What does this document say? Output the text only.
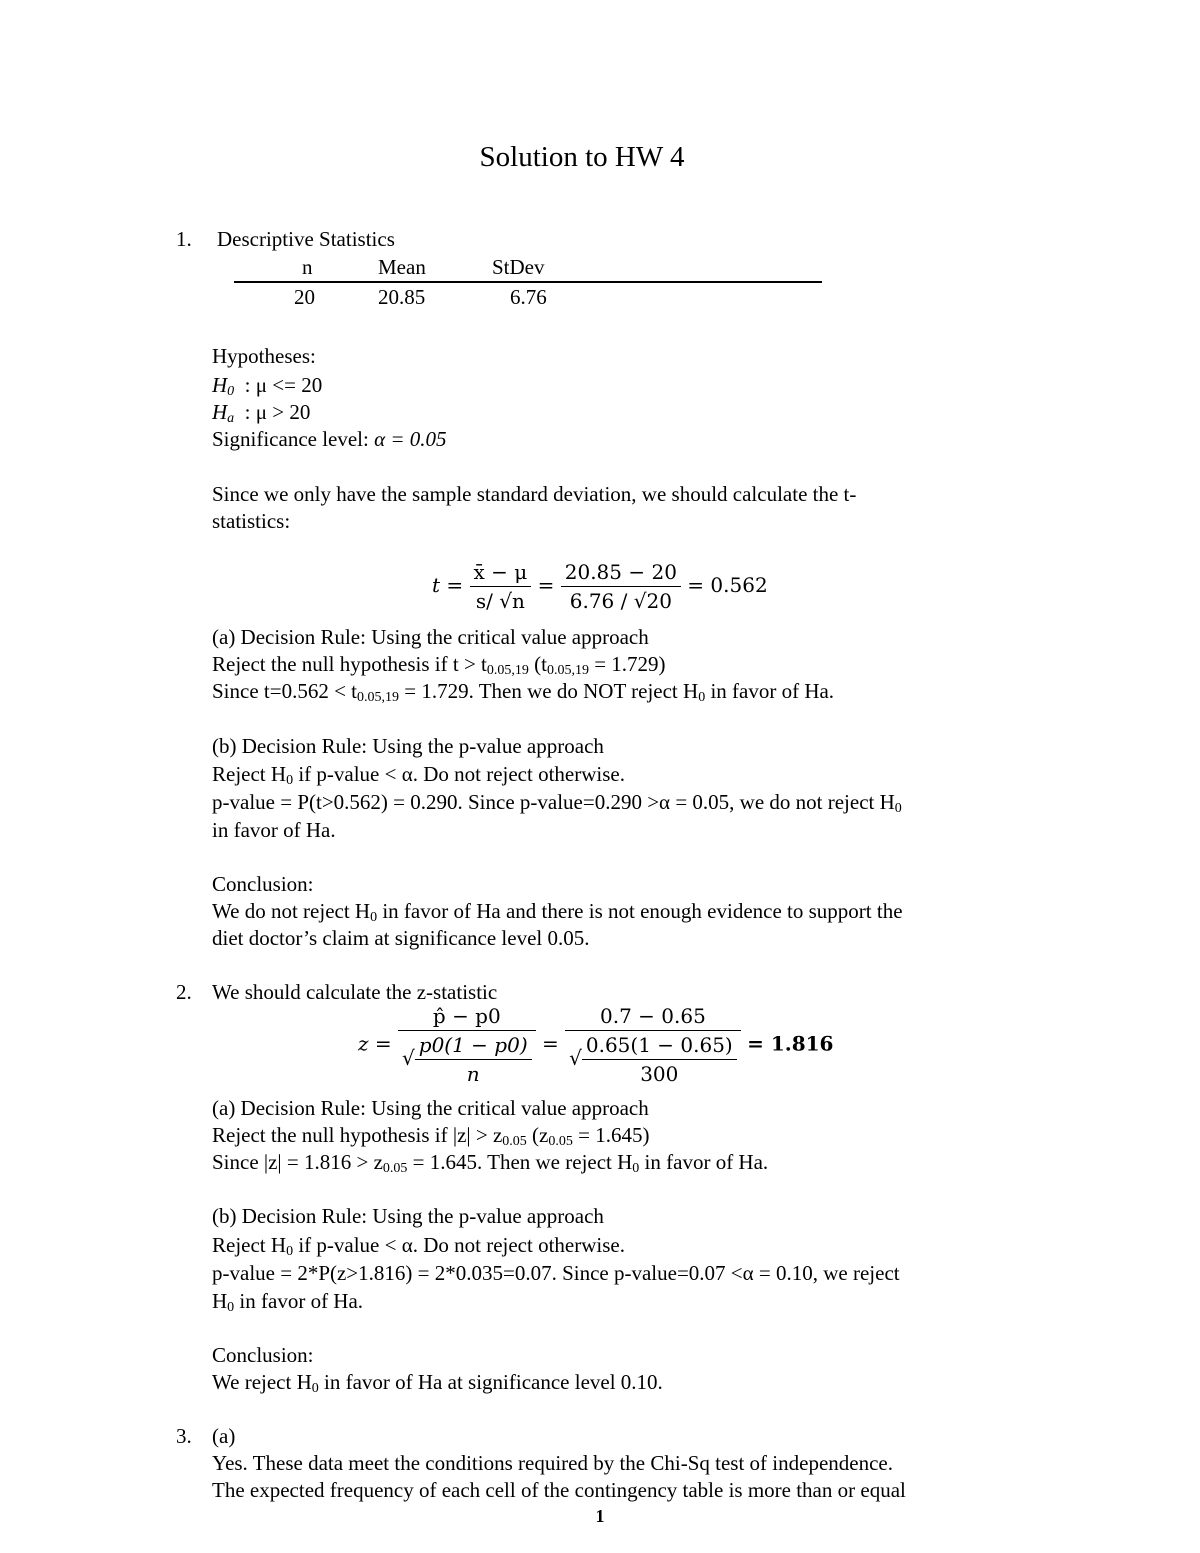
Solution to HW 4
1. Descriptive Statistics
n	Mean	StDev
20	20.85	6.76
Hypotheses:
$H_0$ : μ <= 20
$H_a$ : μ > 20
Significance level: α = 0.05
Since we only have the sample standard deviation, we should calculate the t-
statistics:
$t = \frac{x̄ - \mu}{s/ √n} = \frac{20.85 - 20}{6.76 / √20} = 0.562$
(a) Decision Rule: Using the critical value approach
Reject the null hypothesis if $t > t_{0.05,19}$ $(t_{0.05,19} = 1.729)$
Since $t=0.562 < t_{0.05,19} = 1.729$. Then we do NOT reject $H_0$ in favor of Ha.
(b) Decision Rule: Using the p-value approach
Reject $H_0$ if p-value < α. Do not reject otherwise.
p-value = P(t>0.562) = 0.290. Since p-value=0.290 >α = 0.05, we do not reject $H_0$
in favor of Ha.
Conclusion:
We do not reject $H_0$ in favor of Ha and there is not enough evidence to support the
diet doctor’s claim at significance level 0.05.
2. We should calculate the z-statistic
$z = \frac{p̂ - p0}{√ \frac{p0(1 - p0)}{n}} = \frac{0.7 - 0.65}{√ \frac{0.65(1 - 0.65)}{300}} = 1.816$
(a) Decision Rule: Using the critical value approach
Reject the null hypothesis if $|z| > z_{0.05}$ $(z_{0.05} = 1.645)$
Since $|z| = 1.816 > z_{0.05} = 1.645$. Then we reject $H_0$ in favor of Ha.
(b) Decision Rule: Using the p-value approach
Reject $H_0$ if p-value < α. Do not reject otherwise.
p-value = 2*P(z>1.816) = 2*0.035=0.07. Since p-value=0.07 <α = 0.10, we reject
$H_0$ in favor of Ha.
Conclusion:
We reject $H_0$ in favor of Ha at significance level 0.10.
3. (a)
Yes. These data meet the conditions required by the Chi-Sq test of independence.
The expected frequency of each cell of the contingency table is more than or equal
1
